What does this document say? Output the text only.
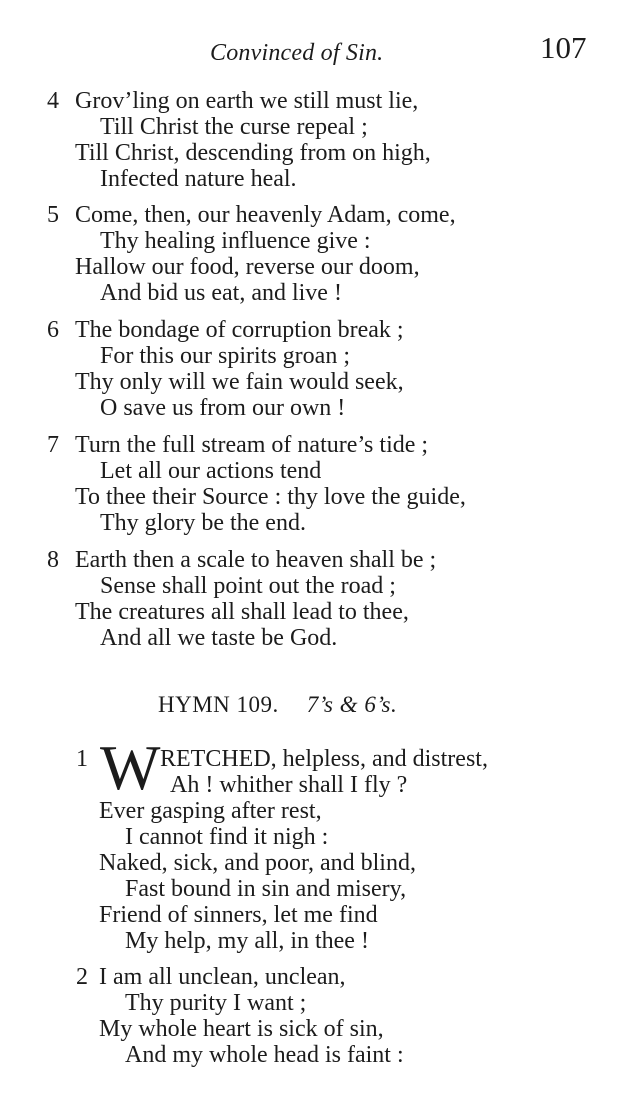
Convinced of Sin.	107
4 Grov’ling on earth we still must lie,
Till Christ the curse repeal ;
Till Christ, descending from on high,
Infected nature heal.
5 Come, then, our heavenly Adam, come,
Thy healing influence give :
Hallow our food, reverse our doom,
And bid us eat, and live !
6 The bondage of corruption break ;
For this our spirits groan ;
Thy only will we fain would seek,
O save us from our own !
7 Turn the full stream of nature’s tide ;
Let all our actions tend
To thee their Source : thy love the guide,
Thy glory be the end.
8 Earth then a scale to heaven shall be ;
Sense shall point out the road ;
The creatures all shall lead to thee,
And all we taste be God.
HYMN 109. 7’s & 6’s.
1 W RETCHED, helpless, and distrest,
Ah ! whither shall I fly ?
Ever gasping after rest,
I cannot find it nigh :
Naked, sick, and poor, and blind,
Fast bound in sin and misery,
Friend of sinners, let me find
My help, my all, in thee !
2 I am all unclean, unclean,
Thy purity I want ;
My whole heart is sick of sin,
And my whole head is faint :
